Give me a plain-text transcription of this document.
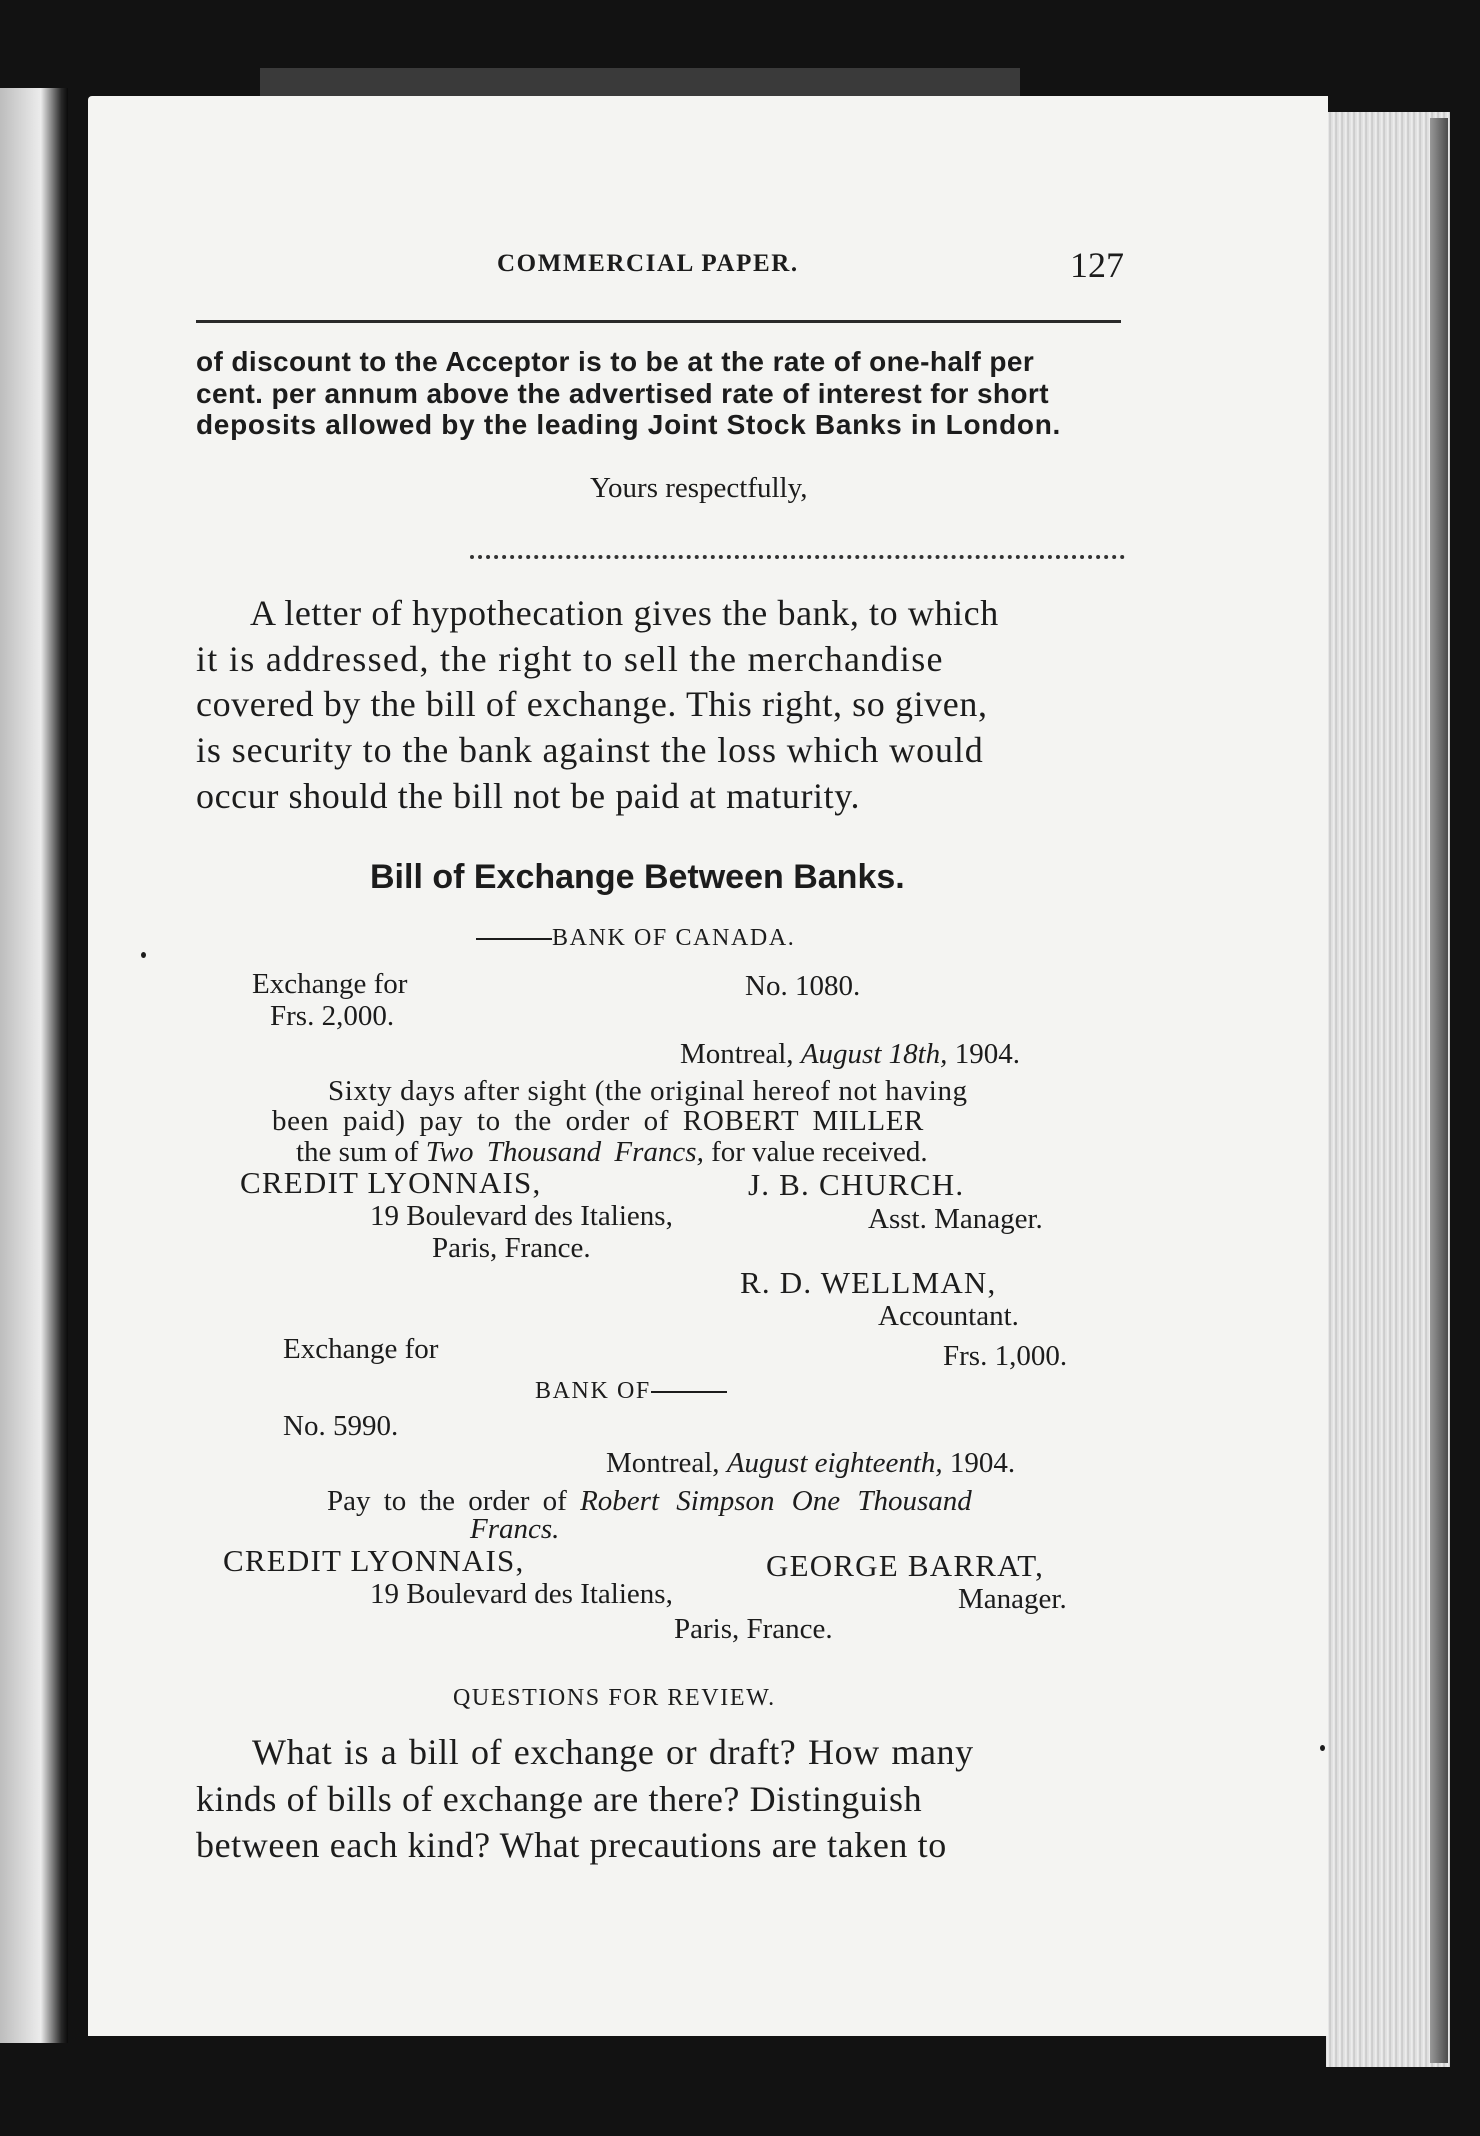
COMMERCIAL PAPER.	127
of discount to the Acceptor is to be at the rate of one-half per
cent. per annum above the advertised rate of interest for short
deposits allowed by the leading Joint Stock Banks in London.
Yours respectfully,
A letter of hypothecation gives the bank, to which
it is addressed, the right to sell the merchandise
covered by the bill of exchange. This right, so given,
is security to the bank against the loss which would
occur should the bill not be paid at maturity.
Bill of Exchange Between Banks.
BANK OF CANADA.
Exchange for	No. 1080.
Frs. 2,000.
Montreal, August 18th, 1904.
Sixty days after sight (the original hereof not having
been paid) pay to the order of ROBERT MILLER
the sum of Two Thousand Francs, for value received.
CREDIT LYONNAIS,	J. B. CHURCH.
19 Boulevard des Italiens,	Asst. Manager.
Paris, France.
R. D. WELLMAN,
Accountant.
Exchange for	Frs. 1,000.
BANK OF
No. 5990.
Montreal, August eighteenth, 1904.
Pay to the order of Robert Simpson One Thousand
Francs.
CREDIT LYONNAIS,	GEORGE BARRAT,
19 Boulevard des Italiens,	Manager.
Paris, France.
QUESTIONS FOR REVIEW.
What is a bill of exchange or draft? How many
kinds of bills of exchange are there? Distinguish
between each kind? What precautions are taken to
